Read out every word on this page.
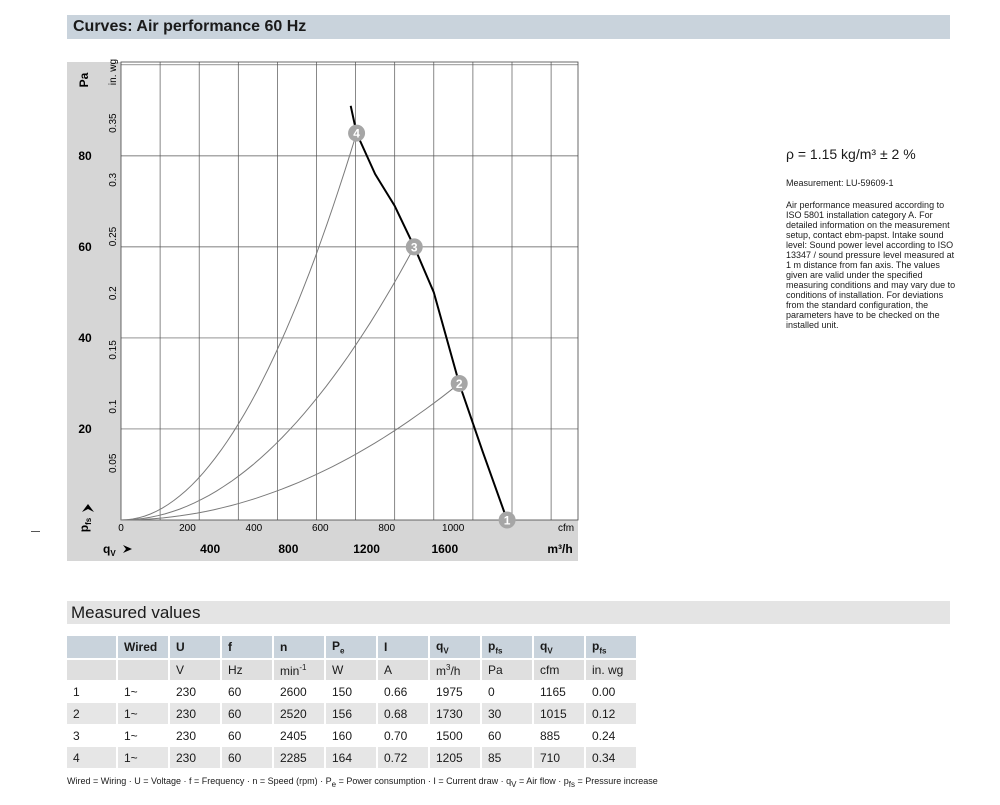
Curves: Air performance 60 Hz
20
40
60
80
Pa
0.05
0.1
0.15
0.2
0.25
0.3
0.35
in. wg
$p_{fs}$
0	200	400	600	800	1000	cfm
400	800	1200	1600	m³/h
$q_V$
1
2
3
4
ρ = 1.15 kg/m³ ± 2 %
Measurement: LU-59609-1
Air performance measured according to ISO 5801 installation category A. For detailed information on the measurement setup, contact ebm-papst. Intake sound level: Sound power level according to ISO 13347 / sound pressure level measured at 1 m distance from fan axis. The values given are valid under the specified measuring conditions and may vary due to conditions of installation. For deviations from the standard configuration, the parameters have to be checked on the installed unit.
Measured values
	Wired	U	f	n	$P_e$	I	$q_V$	$p_{fs}$	$q_V$	$p_{fs}$
		V	Hz	$\min^{-1}$	W	A	$m^3/h$	Pa	cfm	in. wg
1	1~	230	60	2600	150	0.66	1975	0	1165	0.00
2	1~	230	60	2520	156	0.68	1730	30	1015	0.12
3	1~	230	60	2405	160	0.70	1500	60	885	0.24
4	1~	230	60	2285	164	0.72	1205	85	710	0.34
Wired = Wiring · U = Voltage · f = Frequency · n = Speed $(rpm) \cdot P_e$ = Power consumption · I = Current draw · $q_V$ = Air flow · $p_{fs}$ = Pressure increase
